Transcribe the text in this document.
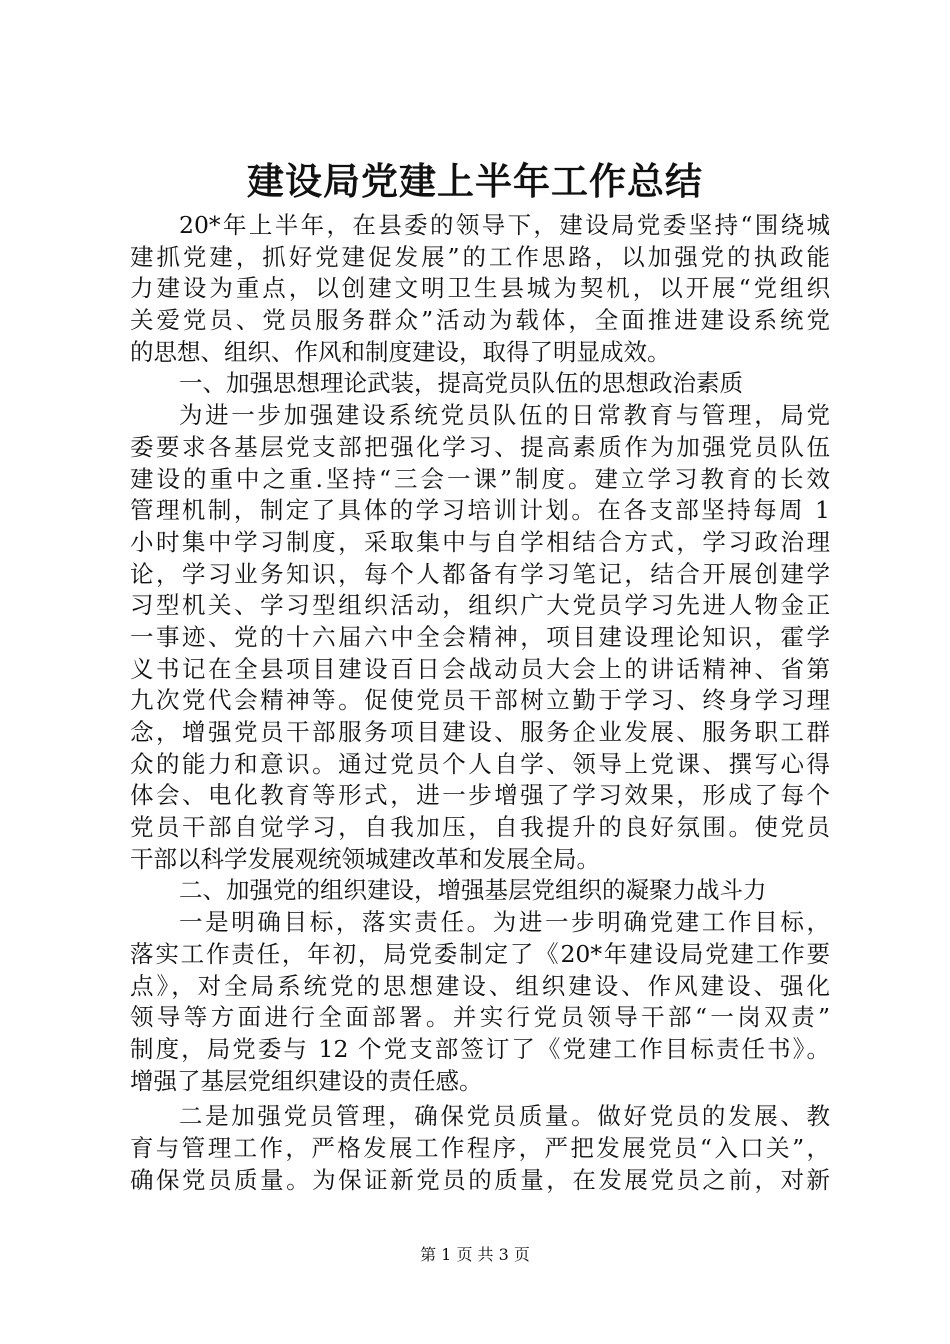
建设局党建上半年工作总结
20*年上半年，在县委的领导下，建设局党委坚持“围绕城
建抓党建，抓好党建促发展”的工作思路，以加强党的执政能
力建设为重点，以创建文明卫生县城为契机，以开展“党组织
关爱党员、党员服务群众”活动为载体，全面推进建设系统党
的思想、组织、作风和制度建设，取得了明显成效。
一、加强思想理论武装，提高党员队伍的思想政治素质
为进一步加强建设系统党员队伍的日常教育与管理，局党
委要求各基层党支部把强化学习、提高素质作为加强党员队伍
建设的重中之重.坚持“三会一课”制度。建立学习教育的长效
管理机制，制定了具体的学习培训计划。在各支部坚持每周 1
小时集中学习制度，采取集中与自学相结合方式，学习政治理
论，学习业务知识，每个人都备有学习笔记，结合开展创建学
习型机关、学习型组织活动，组织广大党员学习先进人物金正
一事迹、党的十六届六中全会精神，项目建设理论知识，霍学
义书记在全县项目建设百日会战动员大会上的讲话精神、省第
九次党代会精神等。促使党员干部树立勤于学习、终身学习理
念，增强党员干部服务项目建设、服务企业发展、服务职工群
众的能力和意识。通过党员个人自学、领导上党课、撰写心得
体会、电化教育等形式，进一步增强了学习效果，形成了每个
党员干部自觉学习，自我加压，自我提升的良好氛围。使党员
干部以科学发展观统领城建改革和发展全局。
二、加强党的组织建设，增强基层党组织的凝聚力战斗力
一是明确目标，落实责任。为进一步明确党建工作目标，
落实工作责任，年初，局党委制定了《20*年建设局党建工作要
点》，对全局系统党的思想建设、组织建设、作风建设、强化
领导等方面进行全面部署。并实行党员领导干部“一岗双责”
制度，局党委与 12 个党支部签订了《党建工作目标责任书》。
增强了基层党组织建设的责任感。
二是加强党员管理，确保党员质量。做好党员的发展、教
育与管理工作，严格发展工作程序，严把发展党员“入口关”，
确保党员质量。为保证新党员的质量，在发展党员之前，对新
第 1 页 共 3 页
